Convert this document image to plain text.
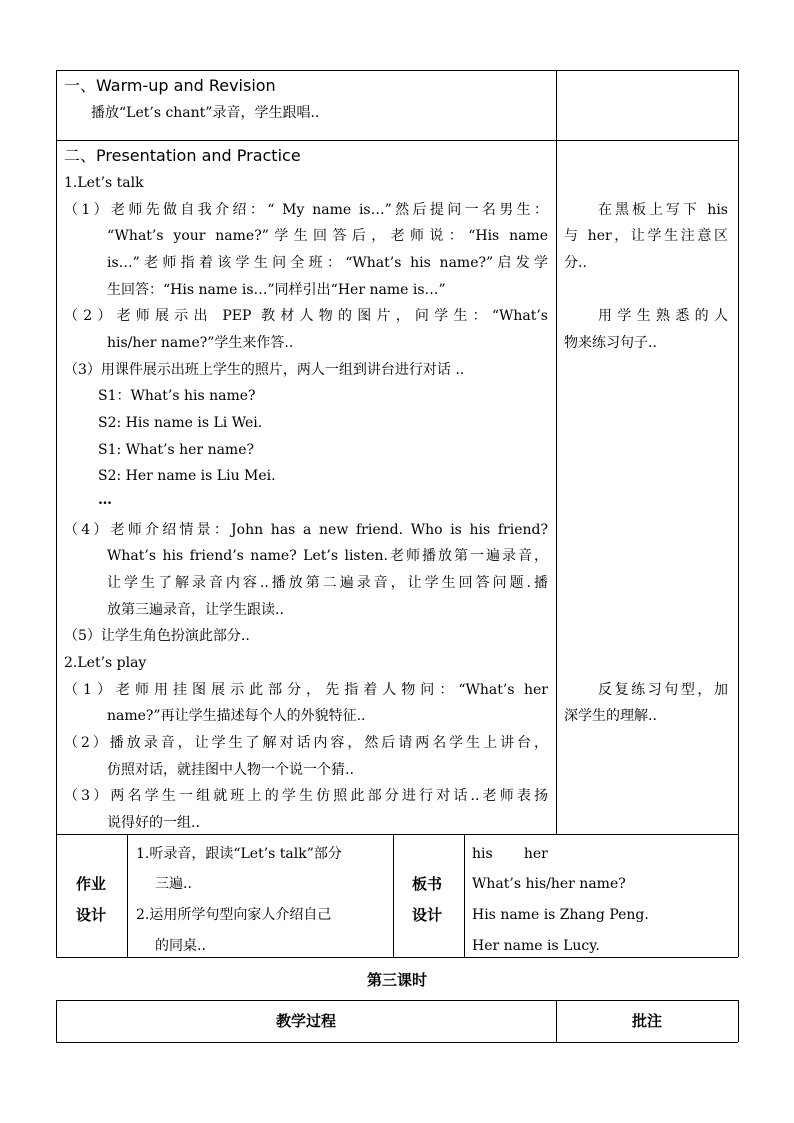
一、Warm-up and Revision
播放“Let’s chant”录音，学生跟唱..
二、Presentation and Practice
1.Let’s talk
（1）老师先做自我介绍：“ My name is…”然后提问一名男生：
“What’s your name?”学生回答后，老师说：“His name
is…”老师指着该学生问全班：“What’s his name?”启发学
生回答：“His name is…”同样引出“Her name is…”
（2）老师展示出 PEP 教材人物的图片，问学生：“What’s
his/her name?”学生来作答..
（3）用课件展示出班上学生的照片，两人一组到讲台进行对话 ..
S1：What’s his name?
S2: His name is Li Wei.
S1: What’s her name?
S2: Her name is Liu Mei.
…
（4）老师介绍情景：John has a new friend. Who is his friend?
What’s his friend’s name? Let’s listen.老师播放第一遍录音，
让学生了解录音内容..播放第二遍录音，让学生回答问题.播
放第三遍录音，让学生跟读..
（5）让学生角色扮演此部分..
2.Let’s play
（1）老师用挂图展示此部分，先指着人物问：“What’s her
name?”再让学生描述每个人的外貌特征..
（2）播放录音，让学生了解对话内容，然后请两名学生上讲台，
仿照对话，就挂图中人物一个说一个猜..
（3）两名学生一组就班上的学生仿照此部分进行对话..老师表扬
说得好的一组..
在黑板上写下 his
与 her，让学生注意区
分..
用学生熟悉的人
物来练习句子..
反复练习句型，加
深学生的理解..
作业
设计
1.听录音，跟读“Let’s talk”部分
三遍..
2.运用所学句型向家人介绍自己
的同桌..
板书
设计
his       her
What’s his/her name?
His name is Zhang Peng.
Her name is Lucy.
第三课时
教学过程	批注
